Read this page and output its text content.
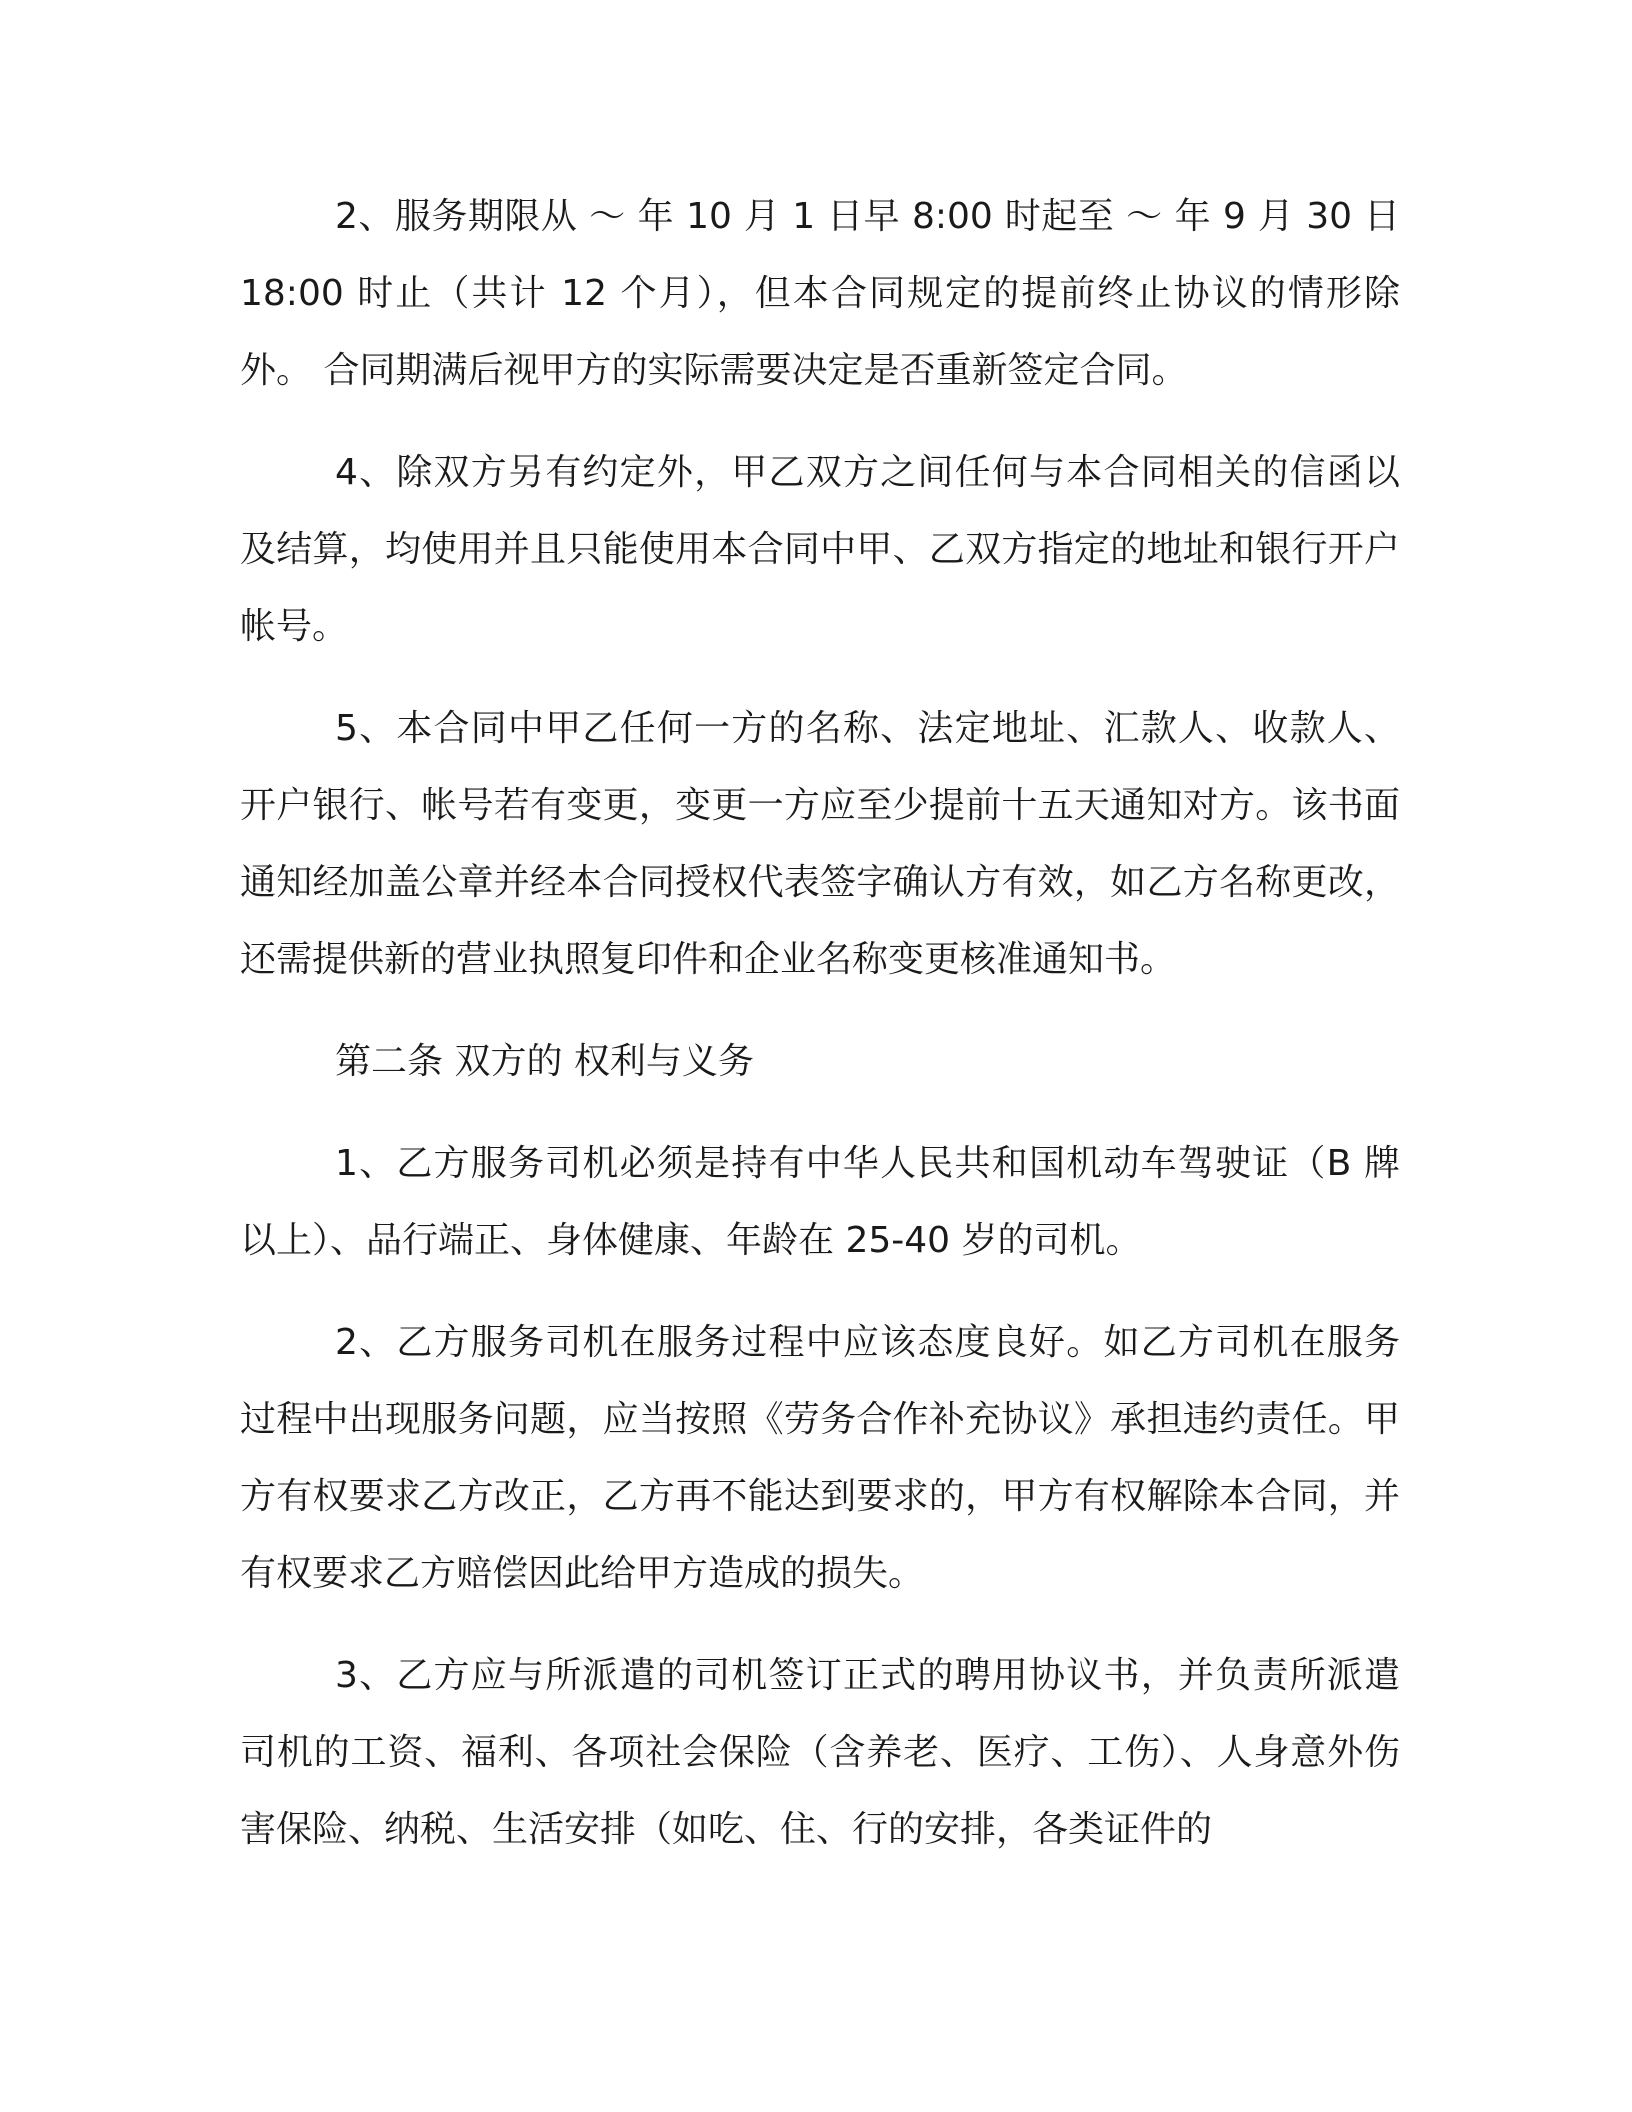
2、服务期限从 ～ 年 10 月 1 日早 8:00 时起至 ～ 年 9 月 30 日 18:00 时止（共计 12 个月），但本合同规定的提前终止协议的情形除外。 合同期满后视甲方的实际需要决定是否重新签定合同。

4、除双方另有约定外，甲乙双方之间任何与本合同相关的信函以及结算，均使用并且只能使用本合同中甲、乙双方指定的地址和银行开户帐号。

5、本合同中甲乙任何一方的名称、法定地址、汇款人、收款人、开户银行、帐号若有变更，变更一方应至少提前十五天通知对方。该书面通知经加盖公章并经本合同授权代表签字确认方有效，如乙方名称更改，还需提供新的营业执照复印件和企业名称变更核准通知书。

第二条 双方的 权利与义务

1、乙方服务司机必须是持有中华人民共和国机动车驾驶证（B 牌以上）、品行端正、身体健康、年龄在 25-40 岁的司机。

2、乙方服务司机在服务过程中应该态度良好。如乙方司机在服务过程中出现服务问题，应当按照《劳务合作补充协议》承担违约责任。甲方有权要求乙方改正，乙方再不能达到要求的，甲方有权解除本合同，并有权要求乙方赔偿因此给甲方造成的损失。

3、乙方应与所派遣的司机签订正式的聘用协议书，并负责所派遣司机的工资、福利、各项社会保险（含养老、医疗、工伤）、人身意外伤害保险、纳税、生活安排（如吃、住、行的安排，各类证件的
